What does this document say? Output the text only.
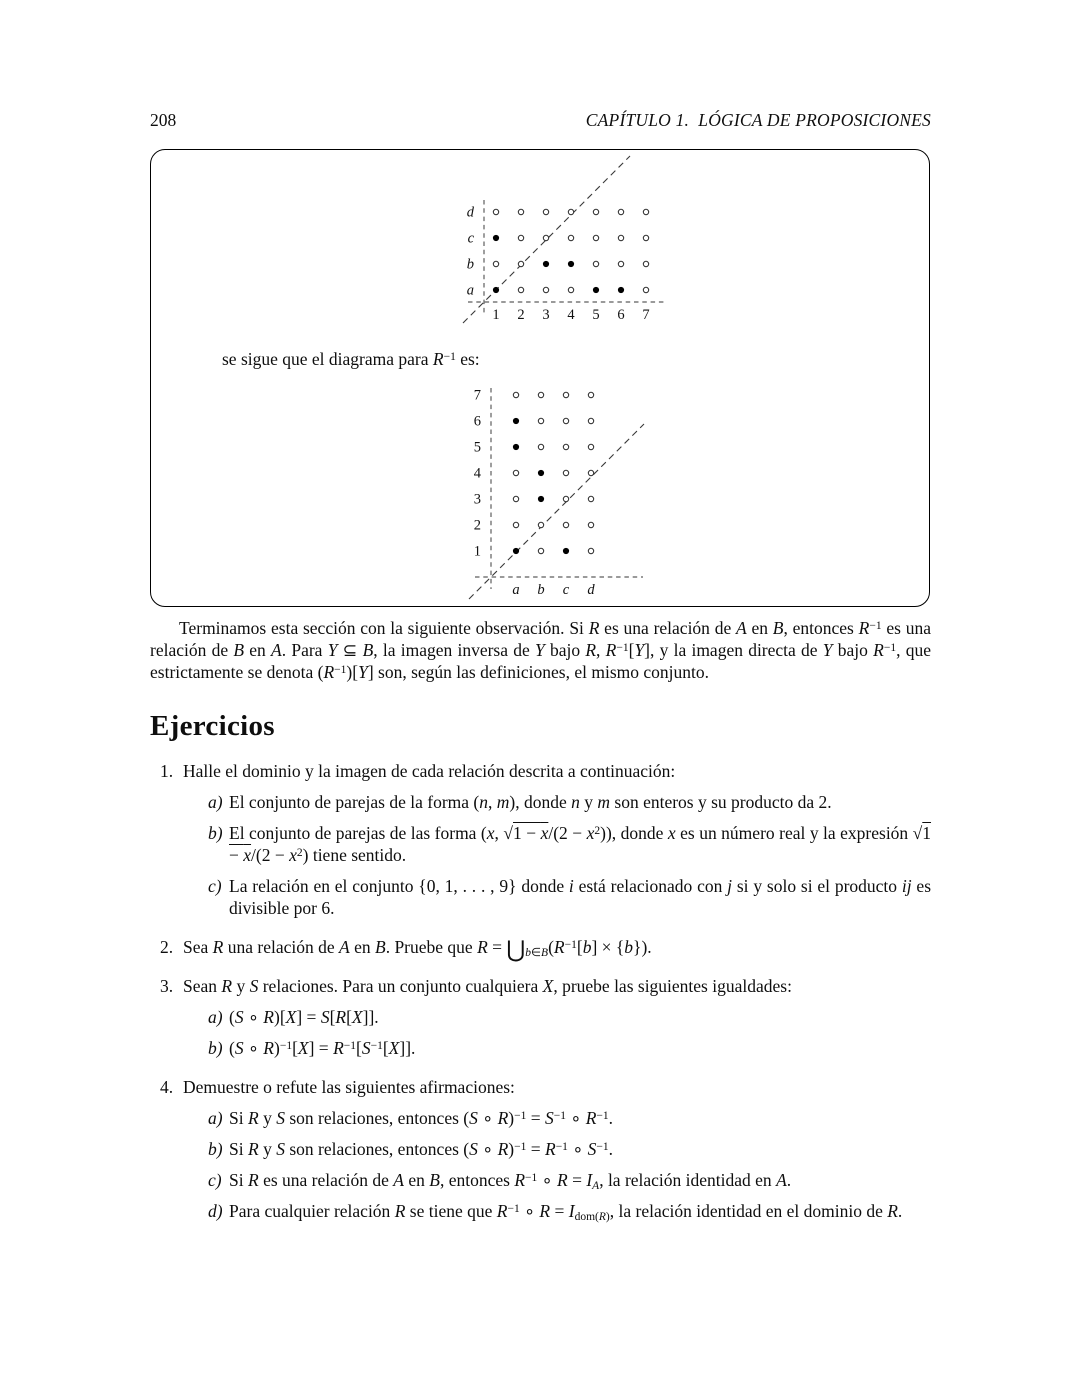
208	CAPÍTULO 1.  LÓGICA DE PROPOSICIONES
1 2 3 4 5 6 7
a
b
c
d
se sigue que el diagrama para $R^{-1}$ es:
a b c d
1
2
3
4
5
6
7

Terminamos esta sección con la siguiente observación. Si R es una relación de A en B, entonces $R^{-1}$ es una relación de B en A. Para Y ⊆ B, la imagen inversa de Y bajo R, $R^{-1}[Y]$, y la imagen directa de Y bajo $R^{-1}$, que estrictamente se denota $(R^{-1})[Y]$ son, según las definiciones, el mismo conjunto.

Ejercicios
1. Halle el dominio y la imagen de cada relación descrita a continuación:
a) El conjunto de parejas de la forma (n, m), donde n y m son enteros y su producto da 2.
b) El conjunto de parejas de las forma (x, $√1 - x/(2 - x^2)$), donde x es un número real y la expresión $√1 - x/(2 - x^2)$ tiene sentido.
c) La relación en el conjunto {0, 1, . . . , 9} donde i está relacionado con j si y solo si el producto ij es divisible por 6.
2. Sea R una relación de A en B. Pruebe que $R = ⋃_{b\in B}(R^{-1}[b] \times \{b\})$.
3. Sean R y S relaciones. Para un conjunto cualquiera X, pruebe las siguientes igualdades:
a) (S ∘ R)[X] = S[R[X]].
b) (S ∘ $R)^{-1}[X] = R^{-1}[S^{-1}[X]]$.
4. Demuestre o refute las siguientes afirmaciones:
a) Si R y S son relaciones, entonces (S ∘ $R)^{-1} = S^{-1}$ ∘ $R^{-1}$.
b) Si R y S son relaciones, entonces (S ∘ $R)^{-1} = R^{-1}$ ∘ $S^{-1}$.
c) Si R es una relación de A en B, entonces $R^{-1}$ ∘ $R = I_A$, la relación identidad en A.
d) Para cualquier relación R se tiene que $R^{-1}$ ∘ $R = I_{dom(R)}$, la relación identidad en el dominio de R.
